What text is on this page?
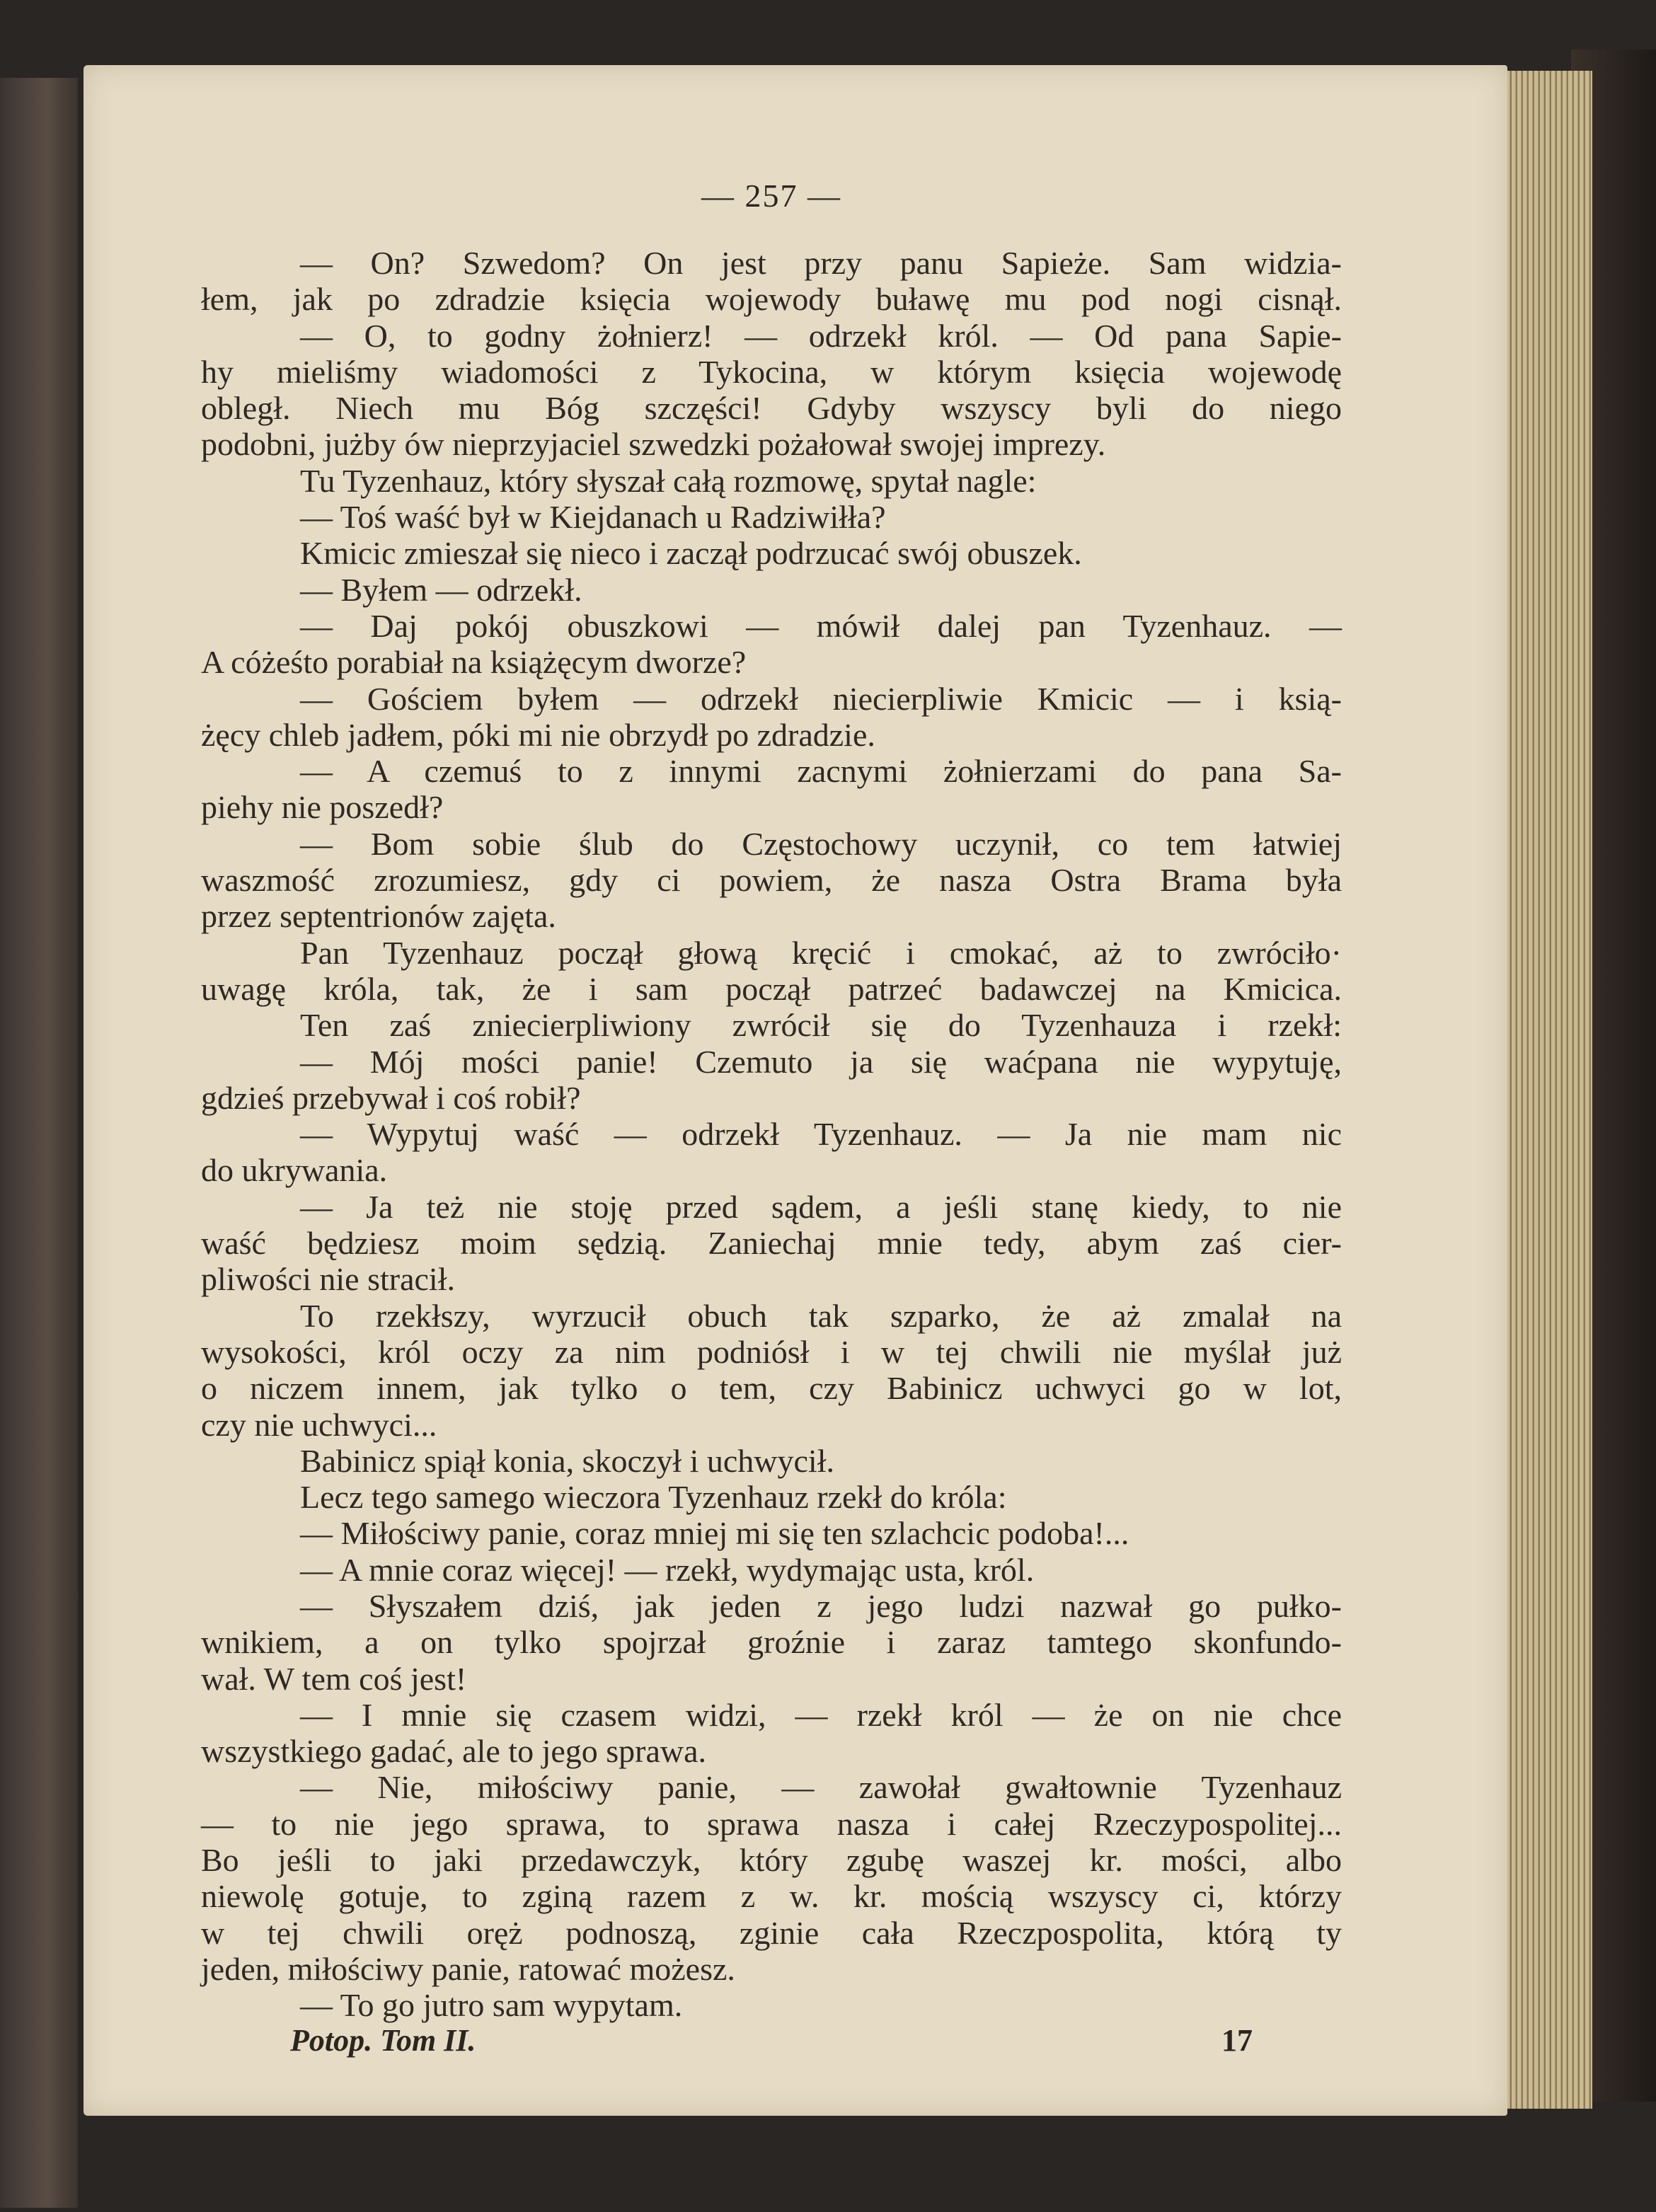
— 257 —
— On? Szwedom? On jest przy panu Sapieże. Sam widzia-
łem, jak po zdradzie księcia wojewody buławę mu pod nogi cisnął.
— O, to godny żołnierz! — odrzekł król. — Od pana Sapie-
hy mieliśmy wiadomości z Tykocina, w którym księcia wojewodę
obległ. Niech mu Bóg szczęści! Gdyby wszyscy byli do niego
podobni, jużby ów nieprzyjaciel szwedzki pożałował swojej imprezy.
Tu Tyzenhauz, który słyszał całą rozmowę, spytał nagle:
— Toś waść był w Kiejdanach u Radziwiłła?
Kmicic zmieszał się nieco i zaczął podrzucać swój obuszek.
— Byłem — odrzekł.
— Daj pokój obuszkowi — mówił dalej pan Tyzenhauz. —
A cóżeśto porabiał na książęcym dworze?
— Gościem byłem — odrzekł niecierpliwie Kmicic — i ksią-
żęcy chleb jadłem, póki mi nie obrzydł po zdradzie.
— A czemuś to z innymi zacnymi żołnierzami do pana Sa-
piehy nie poszedł?
— Bom sobie ślub do Częstochowy uczynił, co tem łatwiej
waszmość zrozumiesz, gdy ci powiem, że nasza Ostra Brama była
przez septentrionów zajęta.
Pan Tyzenhauz począł głową kręcić i cmokać, aż to zwróciło·
uwagę króla, tak, że i sam począł patrzeć badawczej na Kmicica.
Ten zaś zniecierpliwiony zwrócił się do Tyzenhauza i rzekł:
— Mój mości panie! Czemuto ja się waćpana nie wypytuję,
gdzieś przebywał i coś robił?
— Wypytuj waść — odrzekł Tyzenhauz. — Ja nie mam nic
do ukrywania.
— Ja też nie stoję przed sądem, a jeśli stanę kiedy, to nie
waść będziesz moim sędzią. Zaniechaj mnie tedy, abym zaś cier-
pliwości nie stracił.
To rzekłszy, wyrzucił obuch tak szparko, że aż zmalał na
wysokości, król oczy za nim podniósł i w tej chwili nie myślał już
o niczem innem, jak tylko o tem, czy Babinicz uchwyci go w lot,
czy nie uchwyci...
Babinicz spiął konia, skoczył i uchwycił.
Lecz tego samego wieczora Tyzenhauz rzekł do króla:
— Miłościwy panie, coraz mniej mi się ten szlachcic podoba!...
— A mnie coraz więcej! — rzekł, wydymając usta, król.
— Słyszałem dziś, jak jeden z jego ludzi nazwał go pułko-
wnikiem, a on tylko spojrzał groźnie i zaraz tamtego skonfundo-
wał. W tem coś jest!
— I mnie się czasem widzi, — rzekł król — że on nie chce
wszystkiego gadać, ale to jego sprawa.
— Nie, miłościwy panie, — zawołał gwałtownie Tyzenhauz
— to nie jego sprawa, to sprawa nasza i całej Rzeczypospolitej...
Bo jeśli to jaki przedawczyk, który zgubę waszej kr. mości, albo
niewolę gotuje, to zginą razem z w. kr. mością wszyscy ci, którzy
w tej chwili oręż podnoszą, zginie cała Rzeczpospolita, którą ty
jeden, miłościwy panie, ratować możesz.
— To go jutro sam wypytam.
Potop. Tom II.	17
